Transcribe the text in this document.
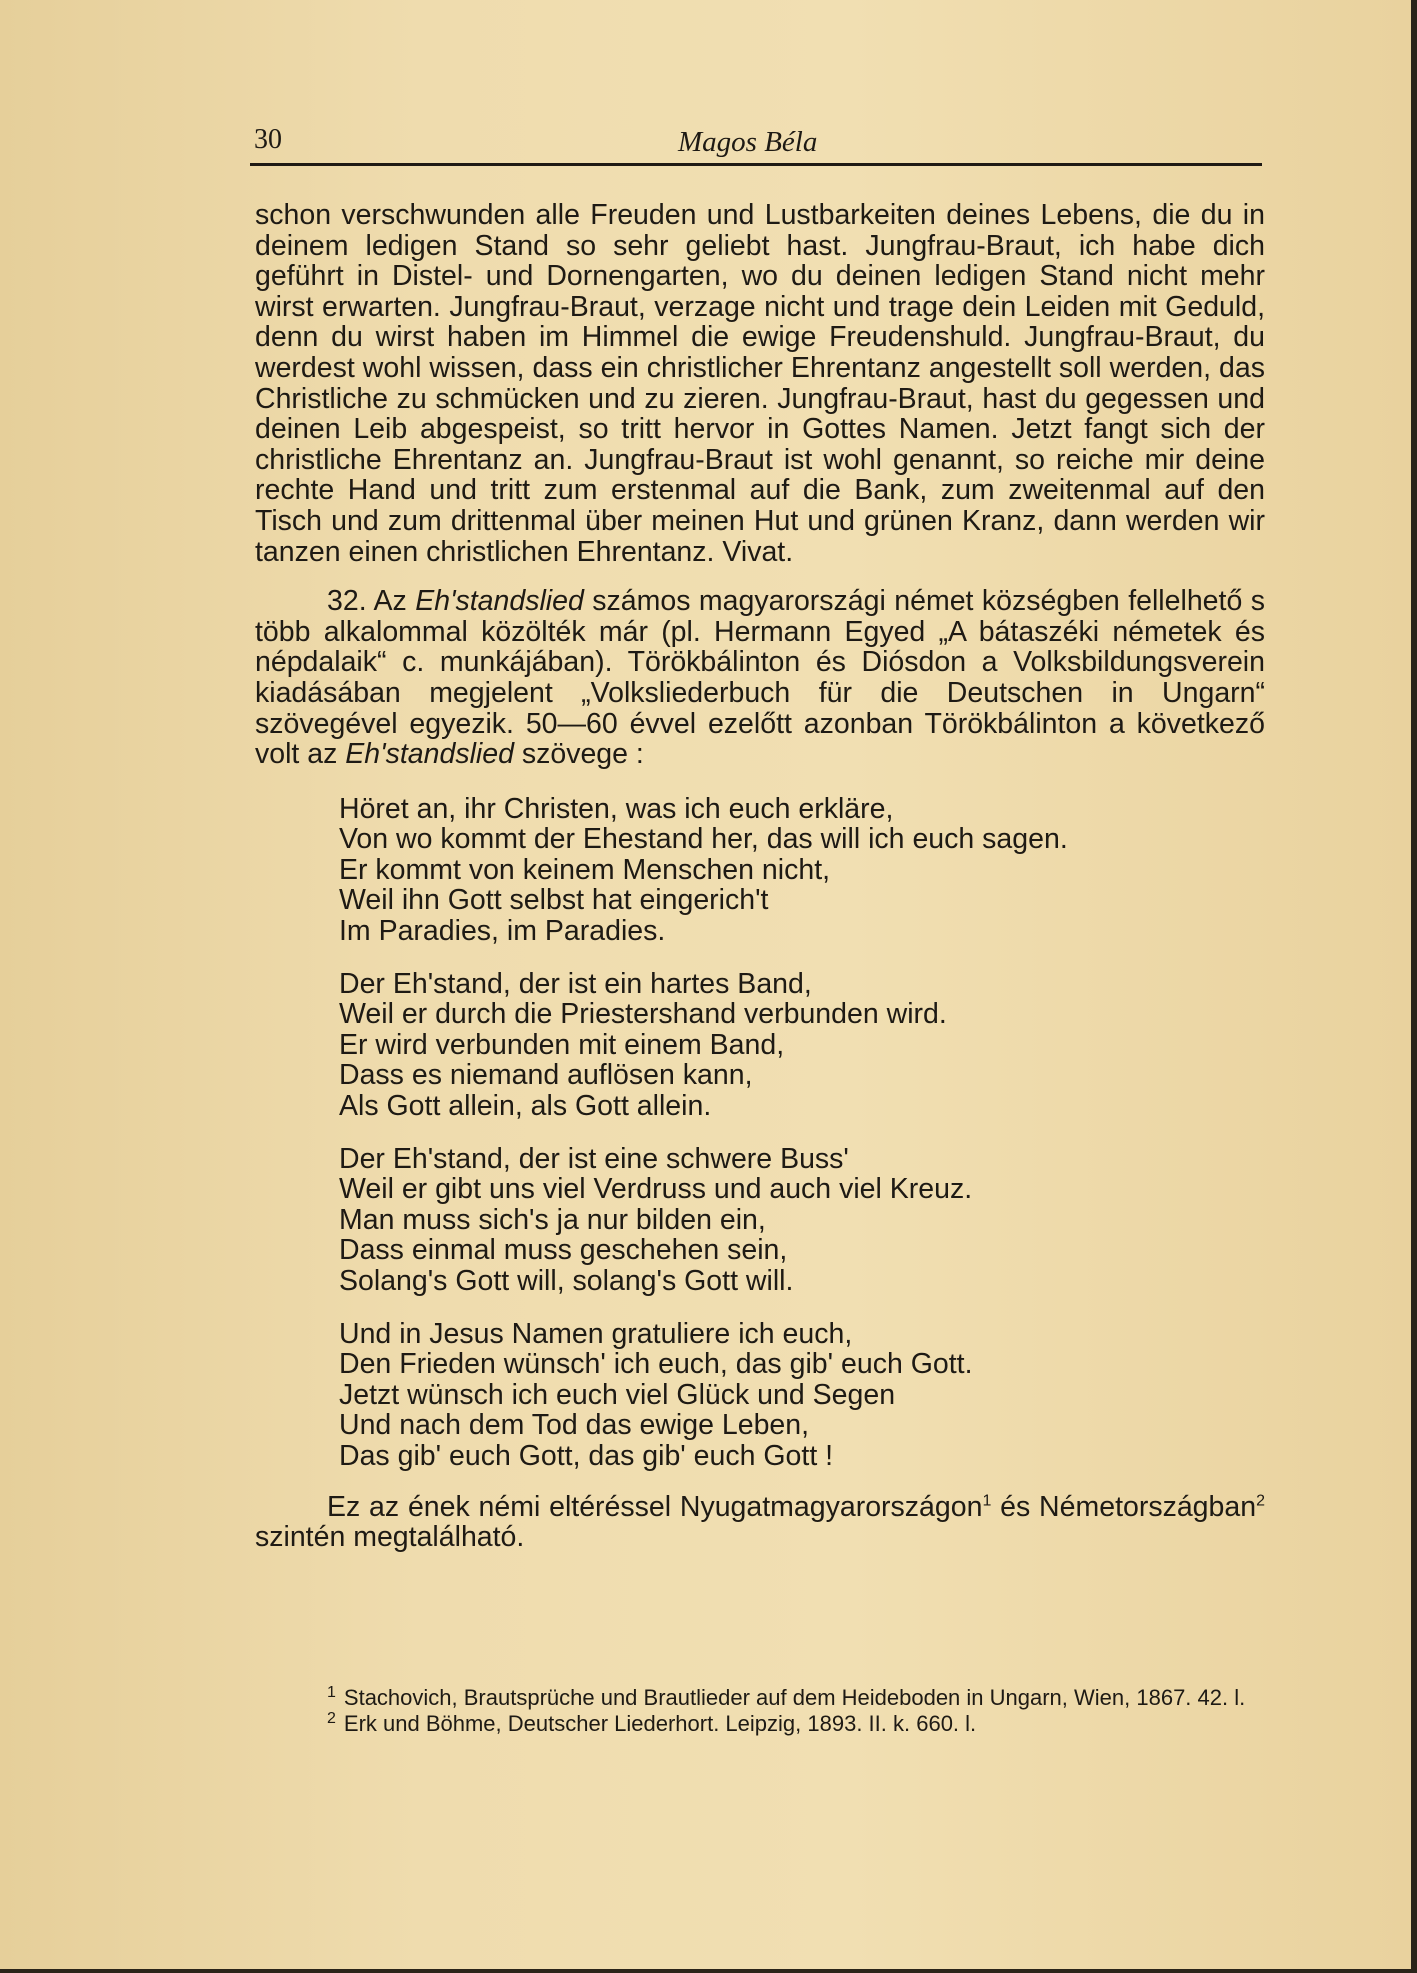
30	Magos Béla

schon verschwunden alle Freuden und Lustbarkeiten deines Lebens, die du in deinem ledigen Stand so sehr geliebt hast. Jungfrau-Braut, ich habe dich geführt in Distel- und Dornengarten, wo du deinen ledigen Stand nicht mehr wirst erwarten. Jungfrau-Braut, verzage nicht und trage dein Leiden mit Geduld, denn du wirst haben im Himmel die ewige Freudenshuld. Jungfrau-Braut, du werdest wohl wissen, dass ein christlicher Ehrentanz angestellt soll werden, das Christliche zu schmücken und zu zieren. Jungfrau-Braut, hast du gegessen und deinen Leib abgespeist, so tritt hervor in Gottes Namen. Jetzt fangt sich der christliche Ehrentanz an. Jungfrau-Braut ist wohl genannt, so reiche mir deine rechte Hand und tritt zum erstenmal auf die Bank, zum zweitenmal auf den Tisch und zum drittenmal über meinen Hut und grünen Kranz, dann werden wir tanzen einen christlichen Ehrentanz. Vivat.

32. Az Eh'standslied számos magyarországi német községben fellelhető s több alkalommal közölték már (pl. Hermann Egyed „A bátaszéki németek és népdalaik“ c. munkájában). Törökbálinton és Diósdon a Volksbildungsverein kiadásában megjelent „Volksliederbuch für die Deutschen in Ungarn“ szövegével egyezik. 50—60 évvel ezelőtt azonban Törökbálinton a következő volt az Eh'standslied szövege :

Höret an, ihr Christen, was ich euch erkläre,
Von wo kommt der Ehestand her, das will ich euch sagen.
Er kommt von keinem Menschen nicht,
Weil ihn Gott selbst hat eingerich't
Im Paradies, im Paradies.
Der Eh'stand, der ist ein hartes Band,
Weil er durch die Priestershand verbunden wird.
Er wird verbunden mit einem Band,
Dass es niemand auflösen kann,
Als Gott allein, als Gott allein.
Der Eh'stand, der ist eine schwere Buss'
Weil er gibt uns viel Verdruss und auch viel Kreuz.
Man muss sich's ja nur bilden ein,
Dass einmal muss geschehen sein,
Solang's Gott will, solang's Gott will.
Und in Jesus Namen gratuliere ich euch,
Den Frieden wünsch' ich euch, das gib' euch Gott.
Jetzt wünsch ich euch viel Glück und Segen
Und nach dem Tod das ewige Leben,
Das gib' euch Gott, das gib' euch Gott !

Ez az ének némi eltéréssel Nyugatmagyarországon$^1$ és Németországban$^2$ szintén megtalálható.

1 Stachovich, Brautsprüche und Brautlieder auf dem Heideboden in Ungarn, Wien, 1867. 42. l.

2 Erk und Böhme, Deutscher Liederhort. Leipzig, 1893. II. k. 660. l.
